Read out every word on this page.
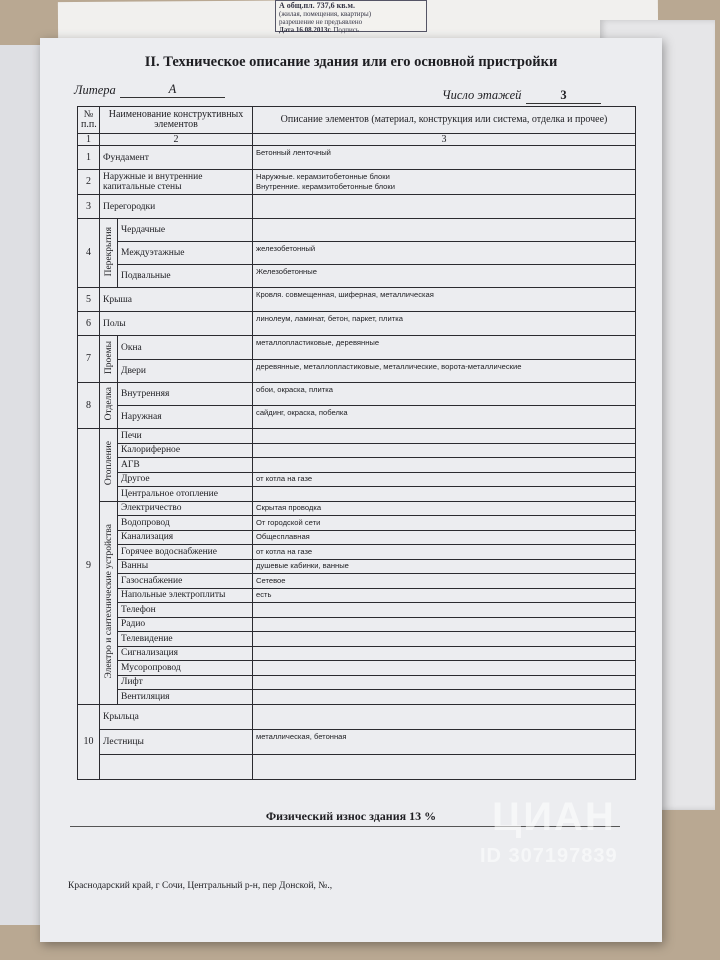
А общ.пл. 737,6 кв.м.
(жилая, помещения, квартиры)
разрешение не предъявлено
Дата 16.08.2013г. Подпись
II. Техническое описание здания или его основной пристройки
Литера	А	Число этажей	3
№ п.п.	Наименование конструктивных элементов		Описание элементов (материал, конструкция или система, отделка и прочее)
1	2		3
1	Фундамент		Бетонный ленточный
2	Наружные и внутренние капитальные стены		Наружные. керамзитобетонные блоки
Внутренние. керамзитобетонные блоки

3	Перегородки		
4	Перекрытия	Чердачные	
		Междуэтажные	железобетонный
		Подвальные	Железобетонные
5	Крыша		Кровля. совмещенная, шиферная, металлическая
6	Полы		линолеум, ламинат, бетон, паркет, плитка
7	Проемы	Окна	металлопластиковые, деревянные
		Двери	деревянные, металлопластиковые, металлические, ворота-металлические
8	Отделка	Внутренняя	обои, окраска, плитка
		Наружная	сайдинг, окраска, побелка
9	Отопление	Печи	
		Калориферное	
		АГВ	
		Другое	от котла на газе
		Центральное отопление	
	Электро и сантехнические устройства	Электричество	Скрытая проводка
		Водопровод	От городской сети
		Канализация	Общесплавная
		Горячее водоснабжение	от котла на газе
		Ванны	душевые кабинки, ванные
		Газоснабжение	Сетевое
		Напольные электроплиты	есть
		Телефон	
		Радио	
		Телевидение	
		Сигнализация	
		Мусоропровод	
		Лифт	
		Вентиляция	
10	Крыльца		
	Лестницы		металлическая, бетонная

Физический износ здания 13 %
Краснодарский край, г Сочи, Центральный р-н, пер Донской, №.,
ЦИАН
ID 307197839
